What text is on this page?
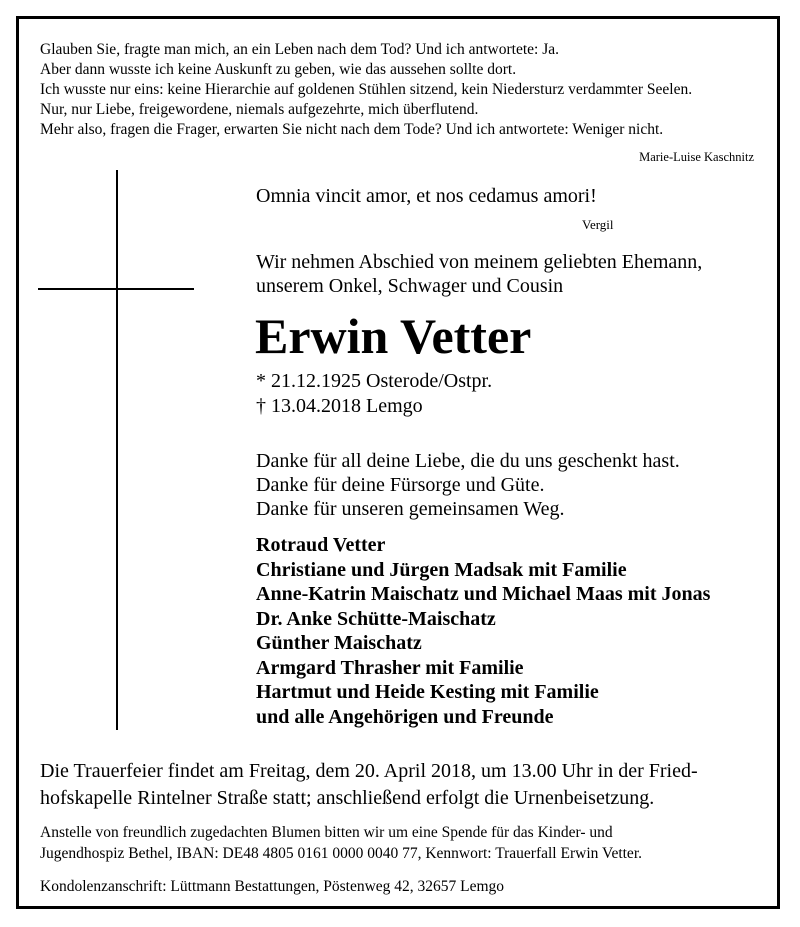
Glauben Sie, fragte man mich, an ein Leben nach dem Tod? Und ich antwortete: Ja.
Aber dann wusste ich keine Auskunft zu geben, wie das aussehen sollte dort.
Ich wusste nur eins: keine Hierarchie auf goldenen Stühlen sitzend, kein Niedersturz verdammter Seelen.
Nur, nur Liebe, freigewordene, niemals aufgezehrte, mich überflutend.
Mehr also, fragen die Frager, erwarten Sie nicht nach dem Tode? Und ich antwortete: Weniger nicht.
Marie-Luise Kaschnitz
Omnia vincit amor, et nos cedamus amori!
Vergil
Wir nehmen Abschied von meinem geliebten Ehemann,
unserem Onkel, Schwager und Cousin
Erwin Vetter
* 21.12.1925 Osterode/Ostpr.
† 13.04.2018 Lemgo
Danke für all deine Liebe, die du uns geschenkt hast.
Danke für deine Fürsorge und Güte.
Danke für unseren gemeinsamen Weg.
Rotraud Vetter
Christiane und Jürgen Madsak mit Familie
Anne-Katrin Maischatz und Michael Maas mit Jonas
Dr. Anke Schütte-Maischatz
Günther Maischatz
Armgard Thrasher mit Familie
Hartmut und Heide Kesting mit Familie
und alle Angehörigen und Freunde
Die Trauerfeier findet am Freitag, dem 20. April 2018, um 13.00 Uhr in der Fried-
hofskapelle Rintelner Straße statt; anschließend erfolgt die Urnenbeisetzung.
Anstelle von freundlich zugedachten Blumen bitten wir um eine Spende für das Kinder- und
Jugendhospiz Bethel, IBAN: DE48 4805 0161 0000 0040 77, Kennwort: Trauerfall Erwin Vetter.
Kondolenzanschrift: Lüttmann Bestattungen, Pöstenweg 42, 32657 Lemgo
